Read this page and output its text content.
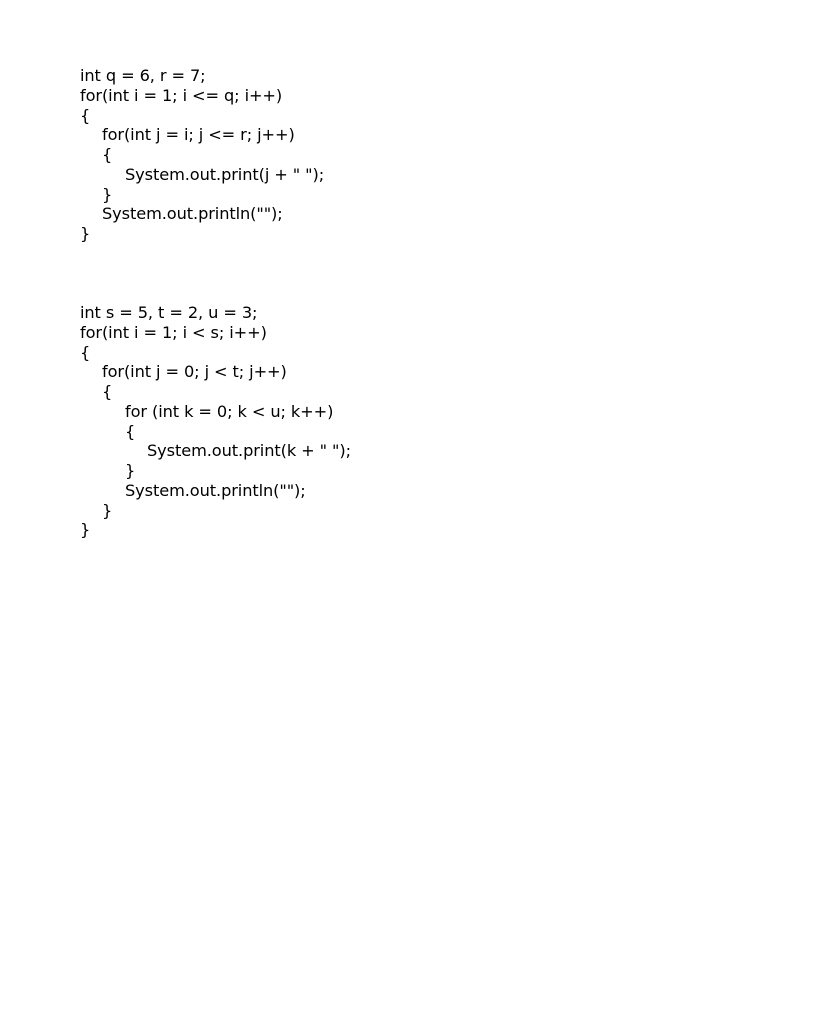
int q = 6, r = 7;
for(int i = 1; i <= q; i++)
{
for(int j = i; j <= r; j++)
{
System.out.print(j + " ");
}
System.out.println("");
}
int s = 5, t = 2, u = 3;
for(int i = 1; i < s; i++)
{
for(int j = 0; j < t; j++)
{
for (int k = 0; k < u; k++)
{
System.out.print(k + " ");
}
System.out.println("");
}
}
